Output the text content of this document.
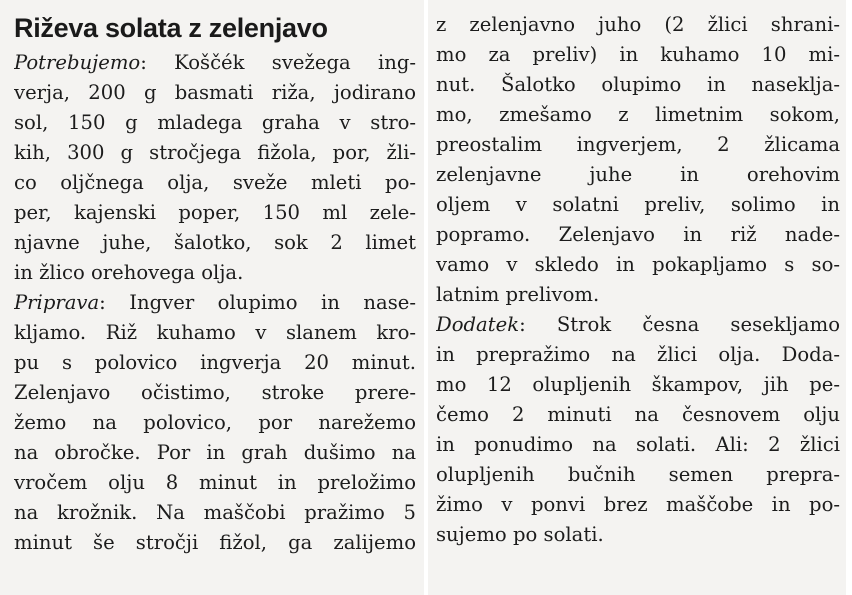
Riževa solata z zelenjavo
Potrebujemo: Koščék svežega ing-
verja, 200 g basmati riža, jodirano
sol, 150 g mladega graha v stro-
kih, 300 g stročjega fižola, por, žli-
co oljčnega olja, sveže mleti po-
per, kajenski poper, 150 ml zele-
njavne juhe, šalotko, sok 2 limet
in žlico orehovega olja.
Priprava: Ingver olupimo in nase-
kljamo. Riž kuhamo v slanem kro-
pu s polovico ingverja 20 minut.
Zelenjavo očistimo, stroke prere-
žemo na polovico, por narežemo
na obročke. Por in grah dušimo na
vročem olju 8 minut in preložimo
na krožnik. Na maščobi pražimo 5
minut še stročji fižol, ga zalijemo
z zelenjavno juho (2 žlici shrani-
mo za preliv) in kuhamo 10 mi-
nut. Šalotko olupimo in nasekljа-
mo, zmešamo z limetnim sokom,
preostalim ingverjem, 2 žlicama
zelenjavne juhe in orehovim
oljem v solatni preliv, solimo in
popramo. Zelenjavo in riž nade-
vamo v skledo in pokapljamo s so-
latnim prelivom.
Dodatek: Strok česna sesekljamo
in prepražimo na žlici olja. Doda-
mo 12 olupljenih škampov, jih pe-
čemo 2 minuti na česnovem olju
in ponudimo na solati. Ali: 2 žlici
olupljenih bučnih semen prepra-
žimo v ponvi brez maščobe in po-
sujemo po solati.
